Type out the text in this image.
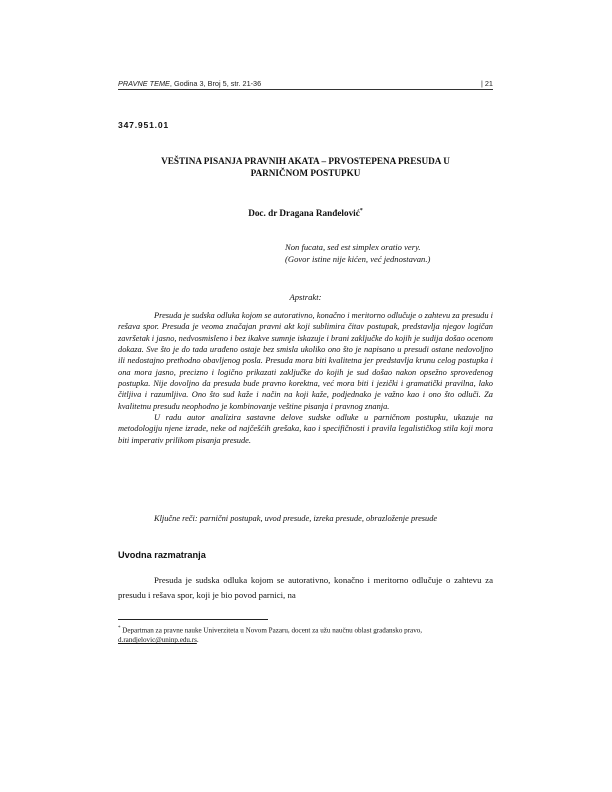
PRAVNE TEME, Godina 3, Broj 5, str. 21-36	| 21
347.951.01
VEŠTINA PISANJA PRAVNIH AKATA – PRVOSTEPENA PRESUDA U
PARNIČNOM POSTUPKU
Doc. dr Dragana Ranđelović*
Non fucata, sed est simplex oratio very.
(Govor istine nije kićen, već jednostavan.)
Apstrakt:

Presuda je sudska odluka kojom se autorativno, konačno i meritorno odlučuje o zahtevu za presudu i rešava spor. Presuda je veoma značajan pravni akt koji sublimira čitav postupak, predstavlja njegov logičan završetak i jasno, nedvosmisleno i bez ikakve sumnje iskazuje i brani zaključke do kojih je sudija došao ocenom dokaza. Sve što je do tada urađeno ostaje bez smisla ukoliko ono što je napisano u presudi ostane nedovoljno ili nedostajno prethodno obavljenog posla. Presuda mora biti kvalitetna jer predstavlja krunu celog postupka i ona mora jasno, precizno i logično prikazati zaključke do kojih je sud došao nakon opsežno sprovedenog postupka. Nije dovoljno da presuda bude pravno korektna, već mora biti i jezički i gramatički pravilna, lako čitljiva i razumljiva. Ono što sud kaže i način na koji kaže, podjednako je važno kao i ono što odluči. Za kvalitetnu presudu neophodno je kombinovanje veštine pisanja i pravnog znanja.

U radu autor analizira sastavne delove sudske odluke u parničnom postupku, ukazuje na metodologiju njene izrade, neke od najčešćih grešaka, kao i specifičnosti i pravila legalističkog stila koji mora biti imperativ prilikom pisanja presude.

Ključne reči: parnični postupak, uvod presude, izreka presude, obrazloženje presude

Uvodna razmatranja

Presuda je sudska odluka kojom se autorativno, konačno i meritorno odlučuje o zahtevu za presudu i rešava spor, koji je bio povod parnici, na

* Departman za pravne nauke Univerziteta u Novom Pazaru, docent za užu naučnu oblast građansko pravo, d.randjelovic@uninp.edu.rs.
